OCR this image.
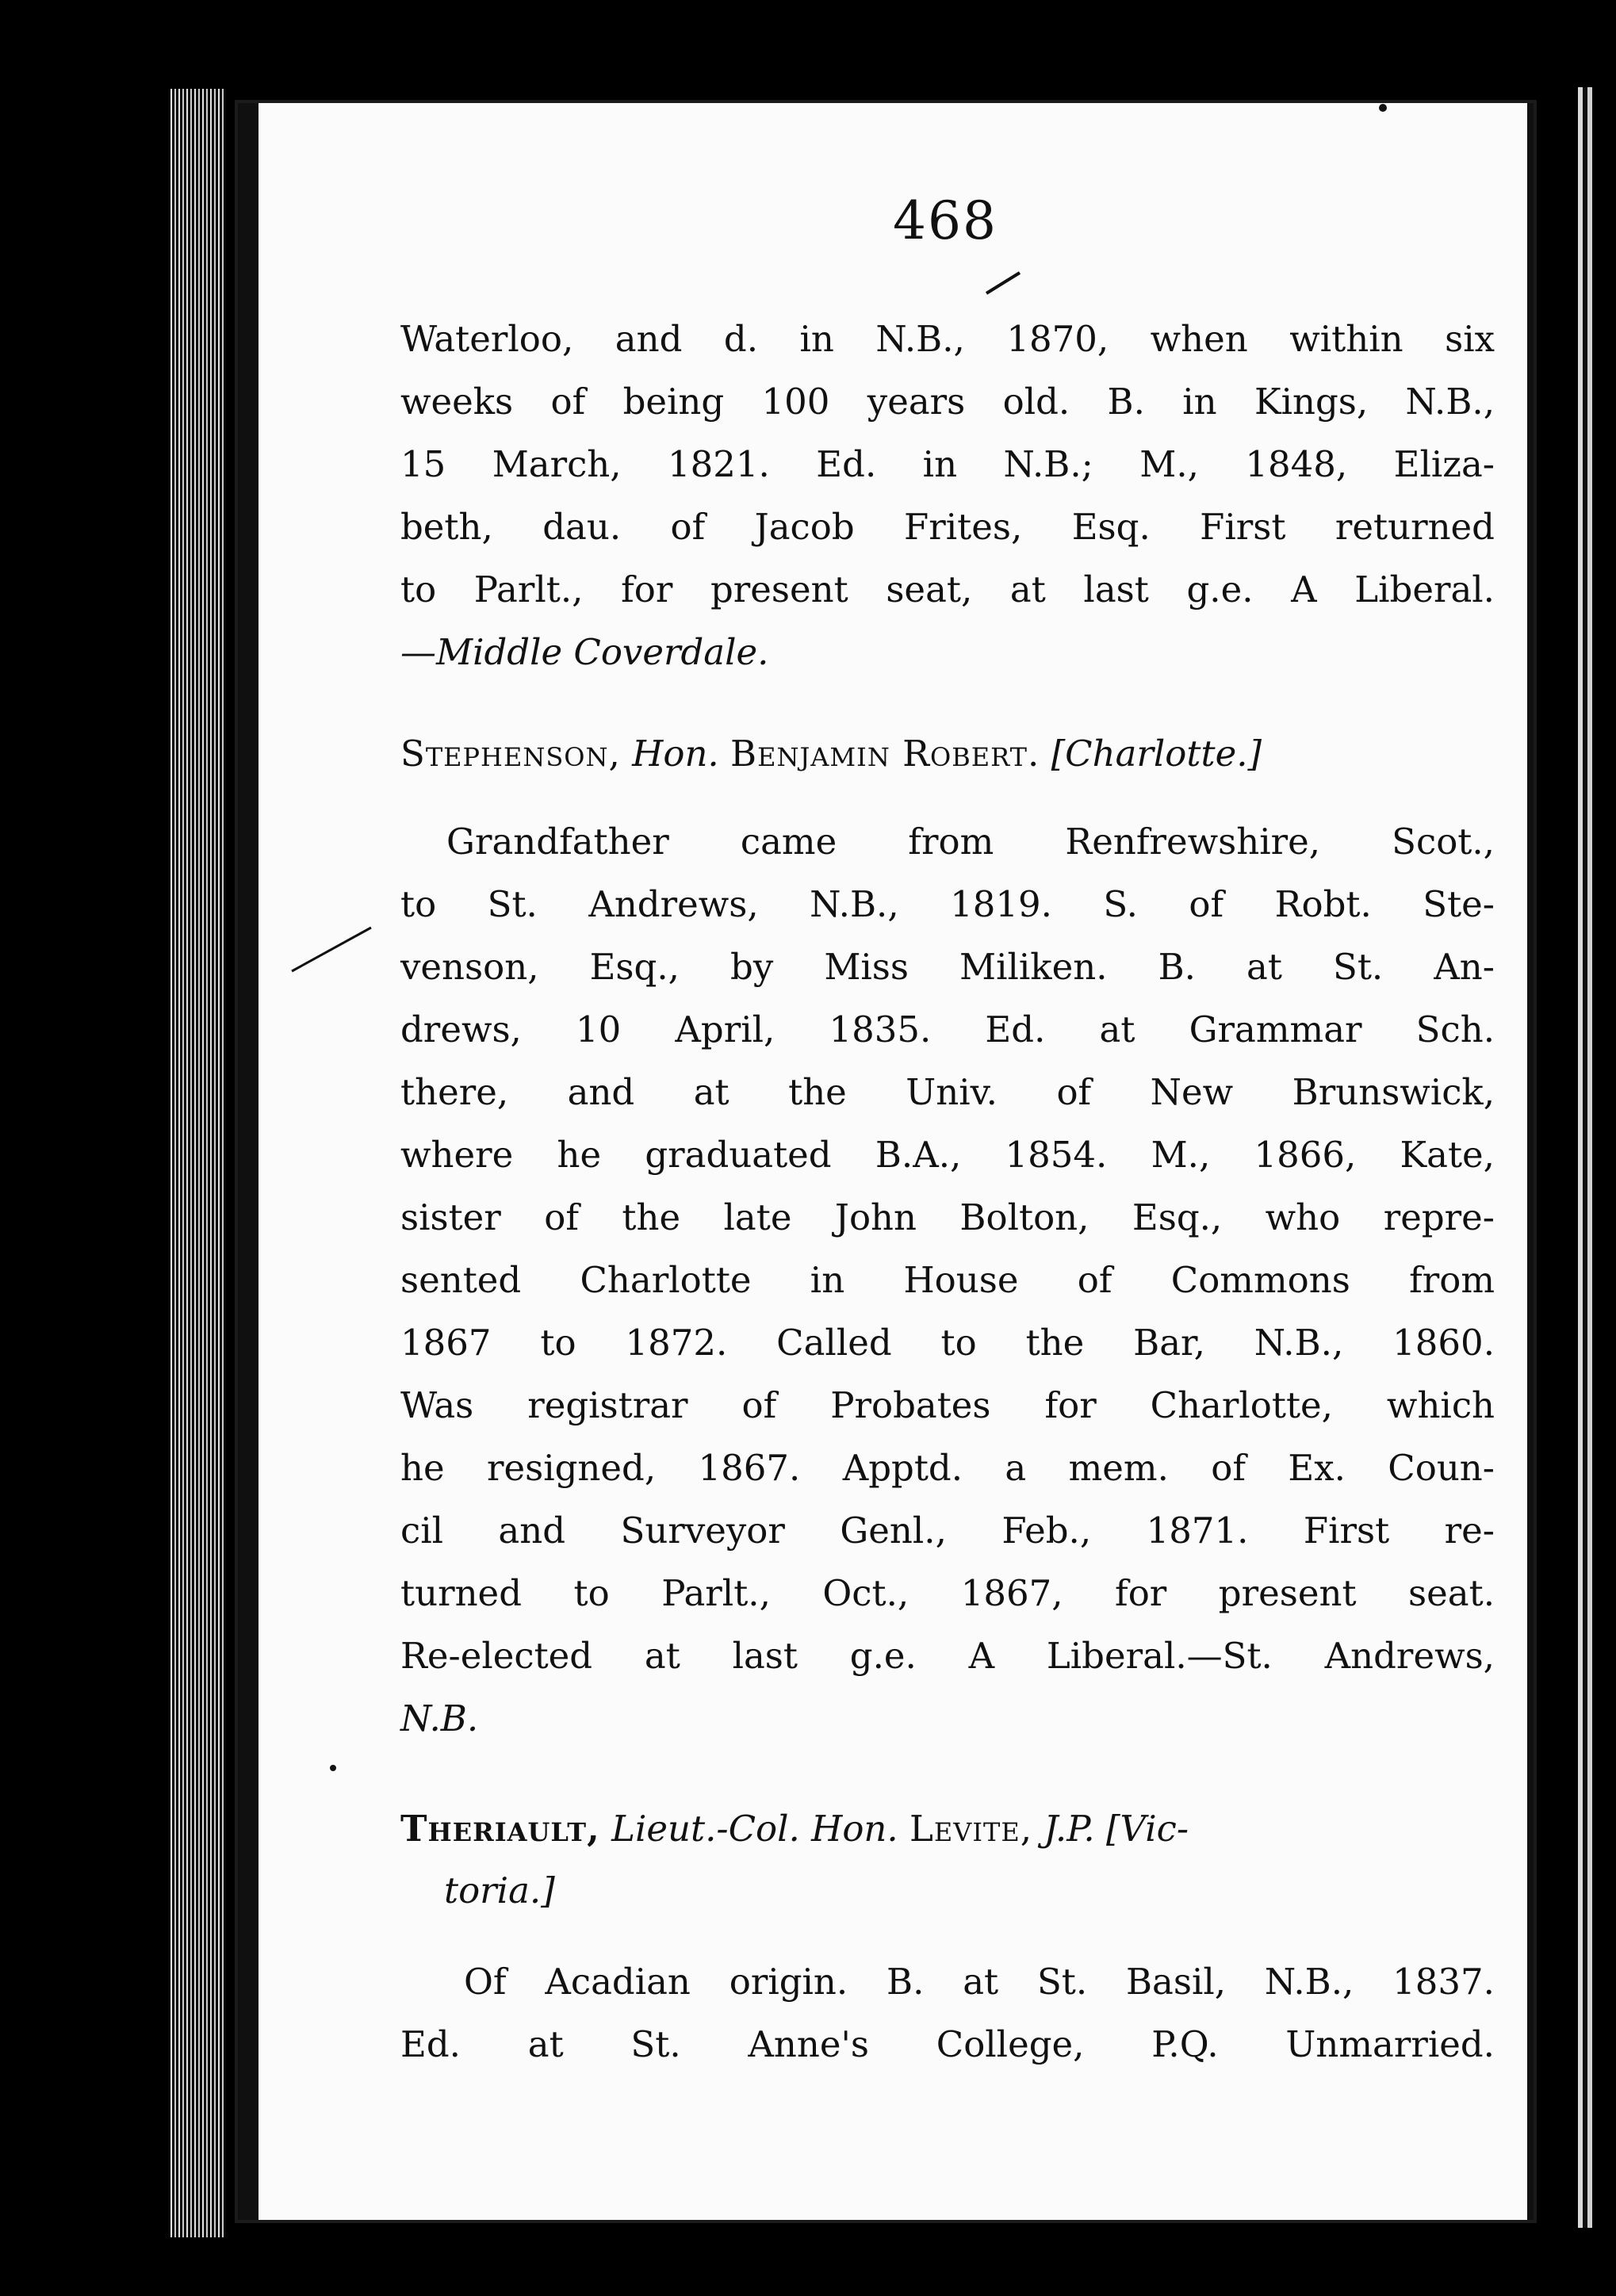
468
Waterloo, and d. in N.B., 1870, when within six
weeks of being 100 years old. B. in Kings, N.B.,
15 March, 1821. Ed. in N.B.; M., 1848, Eliza-
beth, dau. of Jacob Frites, Esq. First returned
to Parlt., for present seat, at last g.e. A Liberal.
—Middle Coverdale.
Stephenson, Hon. Benjamin Robert. [Charlotte.]
Grandfather came from Renfrewshire, Scot.,
to St. Andrews, N.B., 1819. S. of Robt. Ste-
venson, Esq., by Miss Miliken. B. at St. An-
drews, 10 April, 1835. Ed. at Grammar Sch.
there, and at the Univ. of New Brunswick,
where he graduated B.A., 1854. M., 1866, Kate,
sister of the late John Bolton, Esq., who repre-
sented Charlotte in House of Commons from
1867 to 1872. Called to the Bar, N.B., 1860.
Was registrar of Probates for Charlotte, which
he resigned, 1867. Apptd. a mem. of Ex. Coun-
cil and Surveyor Genl., Feb., 1871. First re-
turned to Parlt., Oct., 1867, for present seat.
Re-elected at last g.e. A Liberal.—St. Andrews,
N.B.
Theriault, Lieut.-Col. Hon. Levite, J.P. [Vic-
toria.]
Of Acadian origin. B. at St. Basil, N.B., 1837.
Ed. at St. Anne's College, P.Q. Unmarried.
